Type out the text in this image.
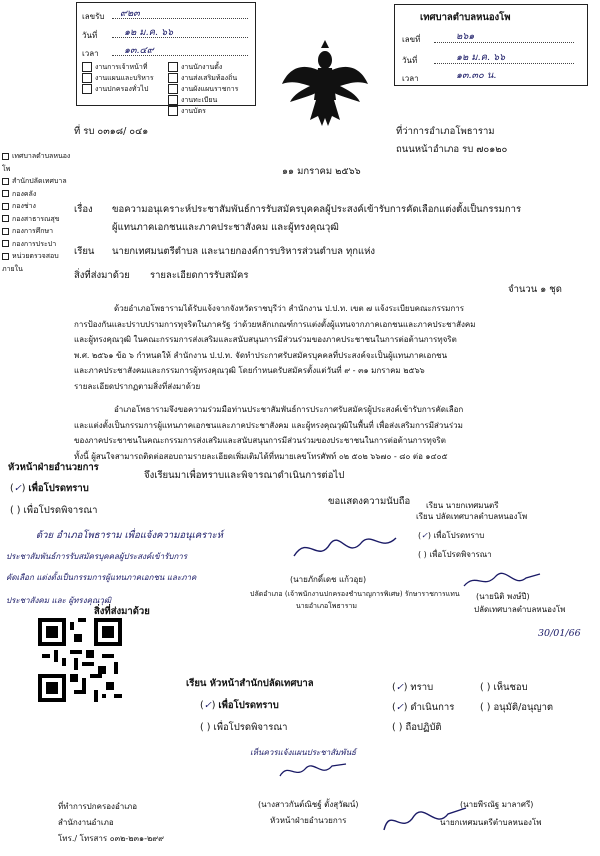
เลขรับ ๙๒๓
วันที่	๑๒ ม.ค. ๖๖
เวลา	๑๓.๔๙
งานการเจ้าหน้าที่
งานแผนและบริหาร
งานปกครองทั่วไป
งานนักงานตั้ง
งานส่งเสริมท้องถิ่น
งานผังแผนราชการ
งานทะเบียน
งานบัตร
เทศบาลตำบลหนองโพ
เลขที่	๒๖๑
วันที่	๑๒ ม.ค. ๖๖
เวลา	๑๓.๓๐ น.
ที่ รบ ๐๓๑๘/ ๐๔๑	ที่ว่าการอำเภอโพธาราม
ถนนหน้าอำเภอ รบ ๗๐๑๒๐
๑๑ มกราคม ๒๕๖๖
เทศบาลตำบลหนองโพ
สำนักปลัดเทศบาล
กองคลัง
กองช่าง
กองสาธารณสุข
กองการศึกษา
กองการประปา
หน่วยตรวจสอบภายใน
เรื่อง ขอความอนุเคราะห์ประชาสัมพันธ์การรับสมัครบุคคลผู้ประสงค์เข้ารับการคัดเลือกแต่งตั้งเป็นกรรมการ
ผู้แทนภาคเอกชนและภาคประชาสังคม และผู้ทรงคุณวุฒิ
เรียน นายกเทศมนตรีตำบล และนายกองค์การบริหารส่วนตำบล ทุกแห่ง
สิ่งที่ส่งมาด้วย รายละเอียดการรับสมัคร
จำนวน ๑ ชุด
ด้วยอำเภอโพธารามได้รับแจ้งจากจังหวัดราชบุรีว่า สำนักงาน ป.ป.ท. เขต ๗ แจ้งระเบียบคณะกรรมการ
การป้องกันและปราบปรามการทุจริตในภาครัฐ ว่าด้วยหลักเกณฑ์การแต่งตั้งผู้แทนจากภาคเอกชนและภาคประชาสังคม
และผู้ทรงคุณวุฒิ ในคณะกรรมการส่งเสริมและสนับสนุนการมีส่วนร่วมของภาคประชาชนในการต่อต้านการทุจริต
พ.ศ. ๒๕๖๑ ข้อ ๖ กำหนดให้ สำนักงาน ป.ป.ท. จัดทำประกาศรับสมัครบุคคลที่ประสงค์จะเป็นผู้แทนภาคเอกชน
และภาคประชาสังคมและกรรมการผู้ทรงคุณวุฒิ โดยกำหนดรับสมัครตั้งแต่วันที่ ๙ - ๓๑ มกราคม ๒๕๖๖
รายละเอียดปรากฏตามสิ่งที่ส่งมาด้วย
อำเภอโพธารามจึงขอความร่วมมือท่านประชาสัมพันธ์การประกาศรับสมัครผู้ประสงค์เข้ารับการคัดเลือก
และแต่งตั้งเป็นกรรมการผู้แทนภาคเอกชนและภาคประชาสังคม และผู้ทรงคุณวุฒิในพื้นที่ เพื่อส่งเสริมการมีส่วนร่วม
ของภาคประชาชนในคณะกรรมการส่งเสริมและสนับสนุนการมีส่วนร่วมของประชาชนในการต่อต้านการทุจริต
ทั้งนี้ ผู้สนใจสามารถติดต่อสอบถามรายละเอียดเพิ่มเติมได้ที่หมายเลขโทรศัพท์ ๐๒ ๕๐๒ ๖๖๗๐ - ๘๐ ต่อ ๑๔๐๕
จึงเรียนมาเพื่อทราบและพิจารณาดำเนินการต่อไป
หัวหน้าฝ่ายอำนวยการ
(✓) เพื่อโปรดทราบ
( ) เพื่อโปรดพิจารณา
ด้วย อำเภอโพธาราม เพื่อแจ้งความอนุเคราะห์
ประชาสัมพันธ์การรับสมัครบุคคลผู้ประสงค์เข้ารับการ
คัดเลือก แต่งตั้งเป็นกรรมการผู้แทนภาคเอกชน และภาค
ประชาสังคม และ ผู้ทรงคุณวุฒิ
ขอแสดงความนับถือ
(นายภักดิ์เดช แก้วอุย)
ปลัดอำเภอ (เจ้าพนักงานปกครองชำนาญการพิเศษ) รักษาราชการแทน
นายอำเภอโพธาราม
เรียน นายกเทศมนตรี
เรียน ปลัดเทศบาลตำบลหนองโพ
(✓) เพื่อโปรดทราบ
( ) เพื่อโปรดพิจารณา
(นายนิติ พงษ์ปี)
ปลัดเทศบาลตำบลหนองโพ
30/01/66
สิ่งที่ส่งมาด้วย
ที่ทำการปกครองอำเภอ
สำนักงานอำเภอ
โทร./ โทรสาร ๐๓๒-๒๓๑-๒๙๙
เรียน หัวหน้าสำนักปลัดเทศบาล
(✓) เพื่อโปรดทราบ
( ) เพื่อโปรดพิจารณา
เห็นควรแจ้งแผนประชาสัมพันธ์
(✓) ทราบ	( ) เห็นชอบ
(✓) ดำเนินการ	( ) อนุมัติ/อนุญาต
( ) ถือปฏิบัติ
(นางสาวกันต์ณิชฐ์ ตั้งสุวัฒน์)
หัวหน้าฝ่ายอำนวยการ
(นายพีรณัฐ มาลาศรี)
นายกเทศมนตรีตำบลหนองโพ
